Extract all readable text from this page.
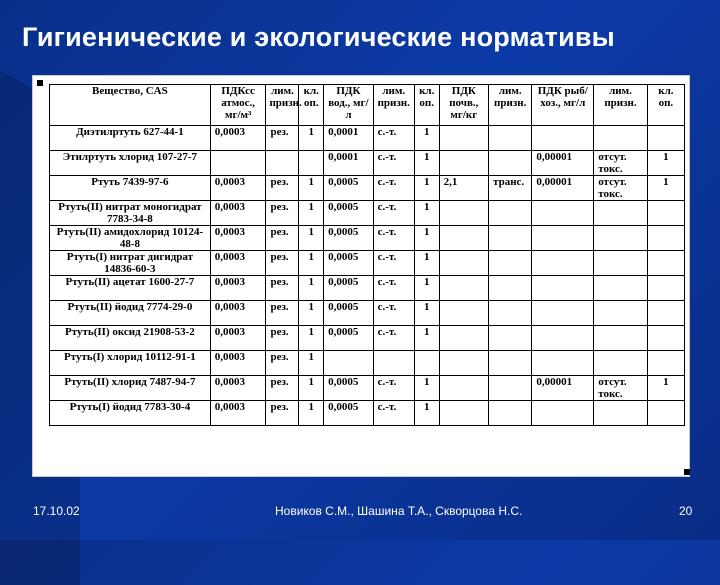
Гигиенические и экологические нормативы
Вещество, CAS	ПДКсс атмос., мг/м³	лим. призн.	кл. оп.	ПДК вод., мг/л	лим. призн.	кл. оп.	ПДК почв., мг/кг	лим. призн.	ПДК рыб/хоз., мг/л	лим. призн.	кл. оп.
Диэтилртуть 627-44-1	0,0003	рез.	1	0,0001	с.-т.	1					
Этилртуть хлорид 107-27-7				0,0001	с.-т.	1			0,00001	отсут. токс.	1
Ртуть 7439-97-6	0,0003	рез.	1	0,0005	с.-т.	1	2,1	транс.	0,00001	отсут. токс.	1
Ртуть(II) нитрат моногидрат 7783-34-8	0,0003	рез.	1	0,0005	с.-т.	1					
Ртуть(II) амидохлорид 10124-48-8	0,0003	рез.	1	0,0005	с.-т.	1					
Ртуть(I) нитрат дигидрат 14836-60-3	0,0003	рез.	1	0,0005	с.-т.	1					
Ртуть(II) ацетат 1600-27-7	0,0003	рез.	1	0,0005	с.-т.	1					
Ртуть(II) йодид 7774-29-0	0,0003	рез.	1	0,0005	с.-т.	1					
Ртуть(II) оксид 21908-53-2	0,0003	рез.	1	0,0005	с.-т.	1					
Ртуть(I) хлорид 10112-91-1	0,0003	рез.	1								
Ртуть(II) хлорид 7487-94-7	0,0003	рез.	1	0,0005	с.-т.	1			0,00001	отсут. токс.	1
Ртуть(I) йодид 7783-30-4	0,0003	рез.	1	0,0005	с.-т.	1					
17.10.02	Новиков С.М., Шашина Т.А., Скворцова Н.С.	20
